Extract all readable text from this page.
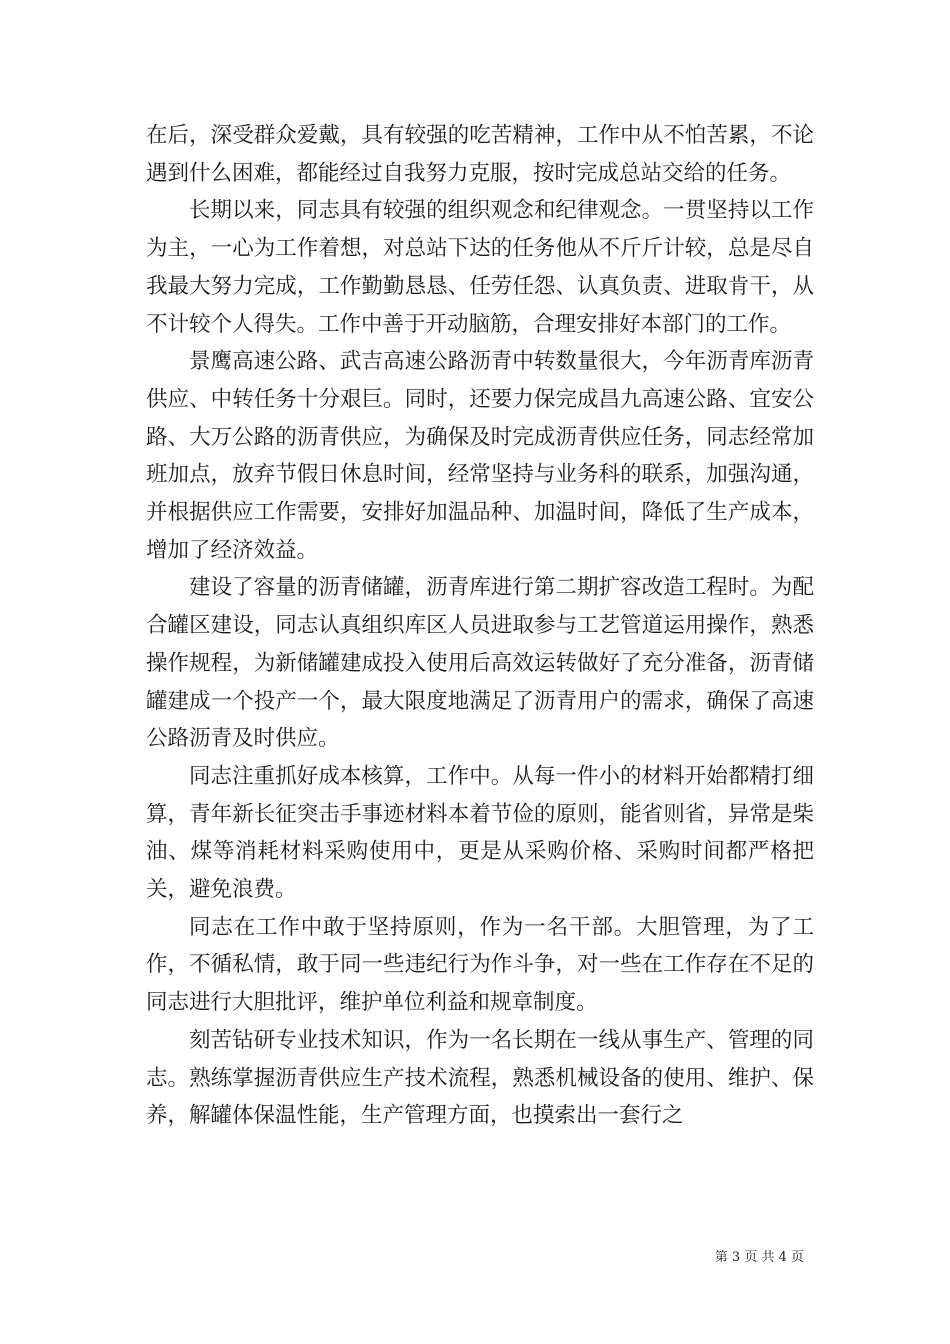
在后，深受群众爱戴，具有较强的吃苦精神，工作中从不怕苦累，不论遇到什么困难，都能经过自我努力克服，按时完成总站交给的任务。

长期以来，同志具有较强的组织观念和纪律观念。一贯坚持以工作为主，一心为工作着想，对总站下达的任务他从不斤斤计较，总是尽自我最大努力完成，工作勤勤恳恳、任劳任怨、认真负责、进取肯干，从不计较个人得失。工作中善于开动脑筋，合理安排好本部门的工作。

景鹰高速公路、武吉高速公路沥青中转数量很大，今年沥青库沥青供应、中转任务十分艰巨。同时，还要力保完成昌九高速公路、宜安公路、大万公路的沥青供应，为确保及时完成沥青供应任务，同志经常加班加点，放弃节假日休息时间，经常坚持与业务科的联系，加强沟通，并根据供应工作需要，安排好加温品种、加温时间，降低了生产成本，增加了经济效益。

建设了容量的沥青储罐，沥青库进行第二期扩容改造工程时。为配合罐区建设，同志认真组织库区人员进取参与工艺管道运用操作，熟悉操作规程，为新储罐建成投入使用后高效运转做好了充分准备，沥青储罐建成一个投产一个，最大限度地满足了沥青用户的需求，确保了高速公路沥青及时供应。

同志注重抓好成本核算，工作中。从每一件小的材料开始都精打细算，青年新长征突击手事迹材料本着节俭的原则，能省则省，异常是柴油、煤等消耗材料采购使用中，更是从采购价格、采购时间都严格把关，避免浪费。

同志在工作中敢于坚持原则，作为一名干部。大胆管理，为了工作，不循私情，敢于同一些违纪行为作斗争，对一些在工作存在不足的同志进行大胆批评，维护单位利益和规章制度。

刻苦钻研专业技术知识，作为一名长期在一线从事生产、管理的同志。熟练掌握沥青供应生产技术流程，熟悉机械设备的使用、维护、保养，解罐体保温性能，生产管理方面，也摸索出一套行之

第 3 页 共 4 页
